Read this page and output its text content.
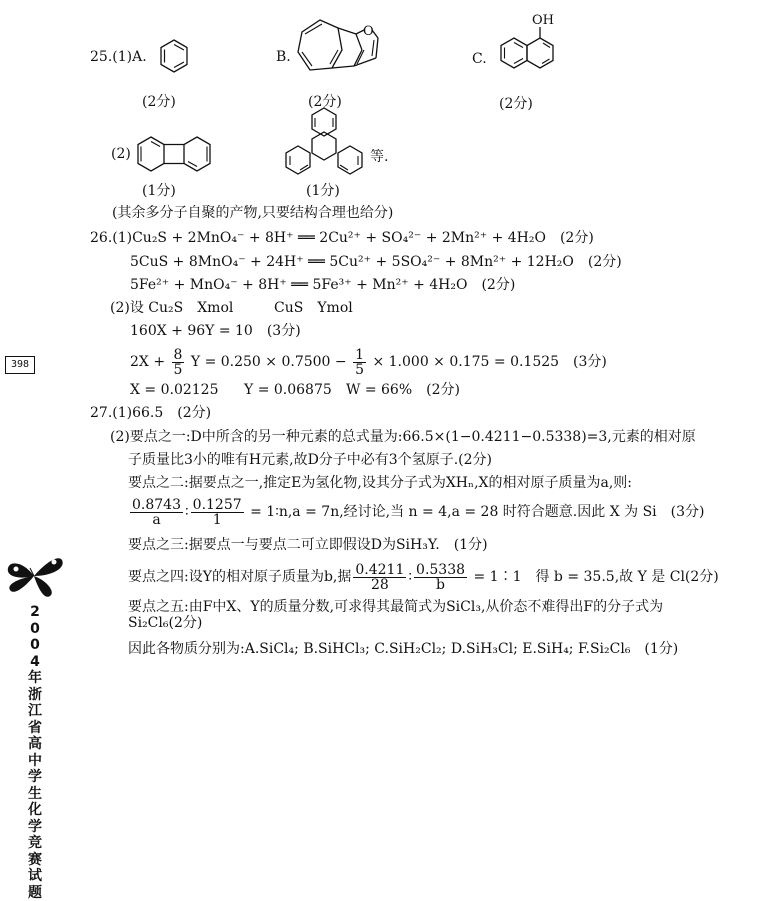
25.(1)A.	B.
O
C.
OH
(2分)	(2分)	(2分)
(2)	等.
(1分)	(1分)
(其余多分子自聚的产物,只要结构合理也给分)
26.(1)Cu₂S + 2MnO₄⁻ + 8H⁺ ══ 2Cu²⁺ + SO₄²⁻ + 2Mn²⁺ + 4H₂O　(2分)
5CuS + 8MnO₄⁻ + 24H⁺ ══ 5Cu²⁺ + 5SO₄²⁻ + 8Mn²⁺ + 12H₂O　(2分)
5Fe²⁺ + MnO₄⁻ + 8H⁺ ══ 5Fe³⁺ + Mn²⁺ + 4H₂O　(2分)
(2)设 Cu₂S　Xmol	CuS　Ymol
160X + 96Y = 10　(3分)
$2X + \frac{8}{5}$ $Y = 0.250 \times 0.7500 - \frac{1}{5} \times 1.000 \times 0.175 = 0.1525$　(3分)
X = 0.02125 Y = 0.06875 W = 66%　(2分)
27.(1)66.5　(2分)
(2)要点之一:D中所含的另一种元素的总式量为:66.5×(1−0.4211−0.5338)=3,元素的相对原
子质量比3小的唯有H元素,故D分子中必有3个氢原子.(2分)
要点之二:据要点之一,推定E为氢化物,设其分子式为XHₙ,X的相对原子质量为a,则:
$\frac{0.8743}{a}$ ∶ $\frac{0.1257}{1}$ = 1∶n,a = 7n,经讨论,当 n = 4,a = 28 时符合题意.因此 X 为 Si　(3分)
要点之三:据要点一与要点二可立即假设D为SiH₃Y.　(1分)
要点之四:设Y的相对原子质量为b,据 $\frac{0.4211}{28}$ ∶ $\frac{0.5338}{b}$ = 1∶1　得 b = 35.5,故 Y 是 Cl(2分)
要点之五:由F中X、Y的质量分数,可求得其最简式为SiCl₃,从价态不难得出F的分子式为
Si₂Cl₆(2分)
因此各物质分别为:A.SiCl₄; B.SiHCl₃; C.SiH₂Cl₂; D.SiH₃Cl; E.SiH₄; F.Si₂Cl₆　(1分)
398
2
0
0
4
年
浙
江
省
高
中
学
生
化
学
竞
赛
试
题
